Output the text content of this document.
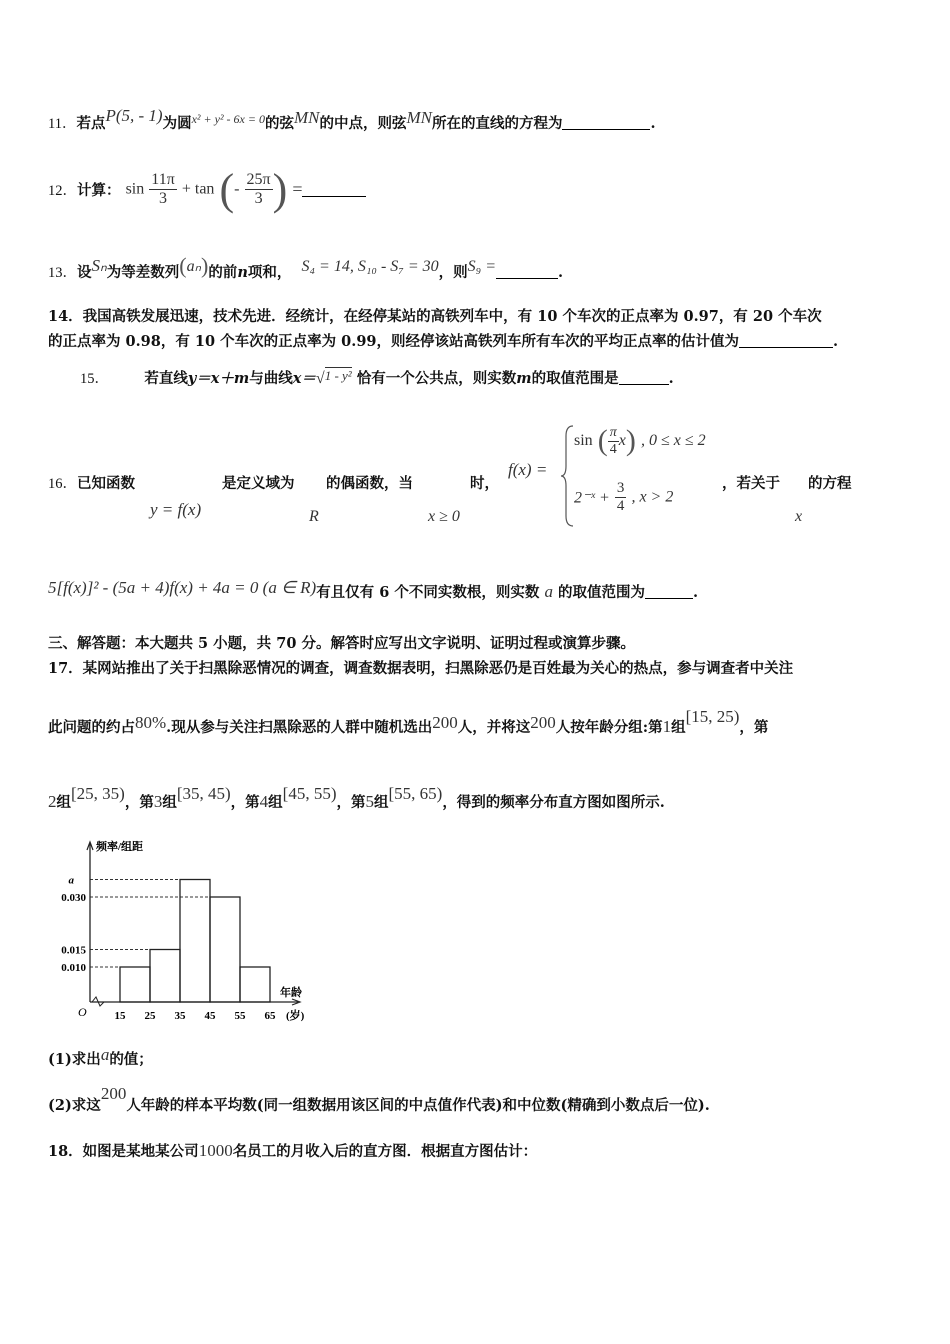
11．若点P(5, - 1)为圆$^{x^2 + y^2 - 6x = 0}$的弦MN的中点，则弦MN所在的直线的方程为	.
12．计算： $\sin \frac{11\pi}{3} + \tan$ (- $\frac{25\pi}{3}$ ) =
13．设Sₙ为等差数列(aₙ)的前n项和， S₄ = 14, S₁₀ - S₇ = 30，则S₉ =	.
14．我国高铁发展迅速，技术先进．经统计，在经停某站的高铁列车中，有 10 个车次的正点率为 0.97，有 20 个车次
的正点率为 0.98，有 10 个车次的正点率为 0.99，则经停该站高铁列车所有车次的平均正点率的估计值为	.
15． 若直线y＝x＋m与曲线x＝√1 - y² 恰有一个公共点，则实数m的取值范围是	.
16．已知函数	是定义域为 的偶函数，当	时，	，若关于 的方程
y = f(x)	R	x ≥ 0	x
f(x) =
sin ( $\frac{\pi}{4} x$) , 0 ≤ x ≤ 2
2⁻ˣ + $\frac{3}{4}$ , x > 2
5[f(x)]² - (5a + 4)f(x) + 4a = 0 (a ∈ R)有且仅有 6 个不同实数根，则实数 a 的取值范围为	.
三、解答题：本大题共 5 小题，共 70 分。解答时应写出文字说明、证明过程或演算步骤。
17．某网站推出了关于扫黑除恶情况的调查，调查数据表明，扫黑除恶仍是百姓最为关心的热点，参与调查者中关注
此问题的约占80%.现从参与关注扫黑除恶的人群中随机选出200人，并将这200人按年龄分组:第1组[15, 25)，第
2组[25, 35)，第3组[35, 45)，第4组[45, 55)，第5组[55, 65)，得到的频率分布直方图如图所示.
0.010
0.015
0.030
a
频率/组距
年龄
O	15 25 35 45 55 65 (岁)
(1)求出a的值；
(2)求这200人年龄的样本平均数(同一组数据用该区间的中点值作代表)和中位数(精确到小数点后一位).
18．如图是某地某公司1000名员工的月收入后的直方图．根据直方图估计：
